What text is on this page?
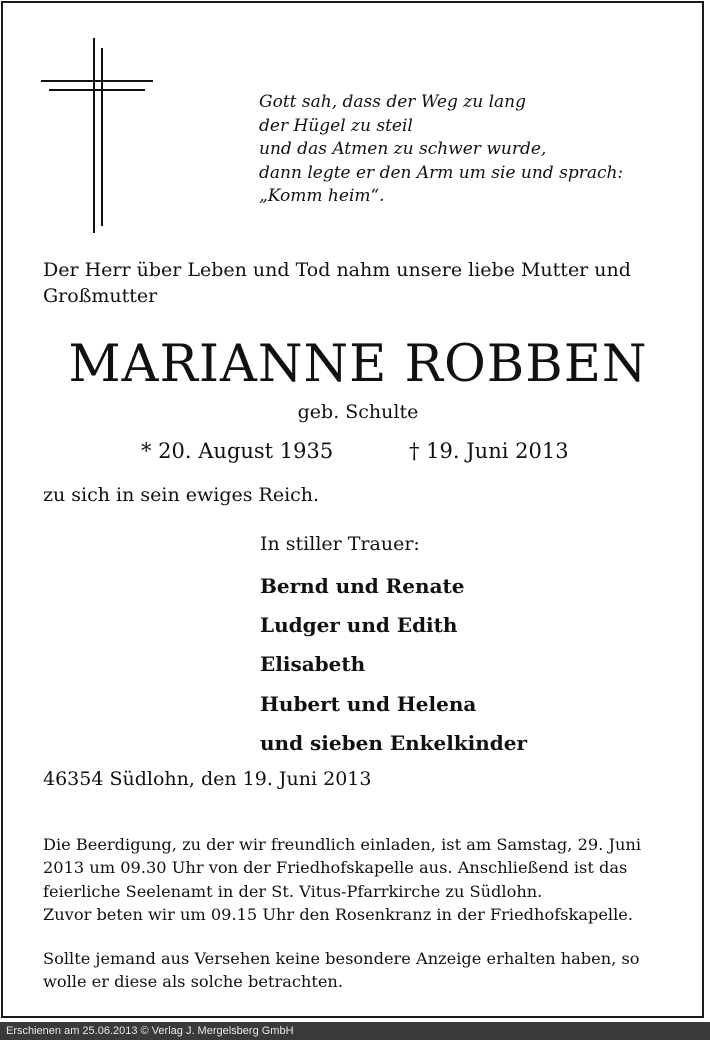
Gott sah, dass der Weg zu lang
der Hügel zu steil
und das Atmen zu schwer wurde,
dann legte er den Arm um sie und sprach:
„Komm heim“.
Der Herr über Leben und Tod nahm unsere liebe Mutter und Großmutter
MARIANNE ROBBEN
geb. Schulte
* 20. August 1935	† 19. Juni 2013
zu sich in sein ewiges Reich.
In stiller Trauer:
Bernd und Renate
Ludger und Edith
Elisabeth
Hubert und Helena
und sieben Enkelkinder
46354 Südlohn, den 19. Juni 2013
Die Beerdigung, zu der wir freundlich einladen, ist am Samstag, 29. Juni
2013 um 09.30 Uhr von der Friedhofskapelle aus. Anschließend ist das
feierliche Seelenamt in der St. Vitus-Pfarrkirche zu Südlohn.
Zuvor beten wir um 09.15 Uhr den Rosenkranz in der Friedhofskapelle.
Sollte jemand aus Versehen keine besondere Anzeige erhalten haben, so
wolle er diese als solche betrachten.
Erschienen am 25.06.2013 © Verlag J. Mergelsberg GmbH
